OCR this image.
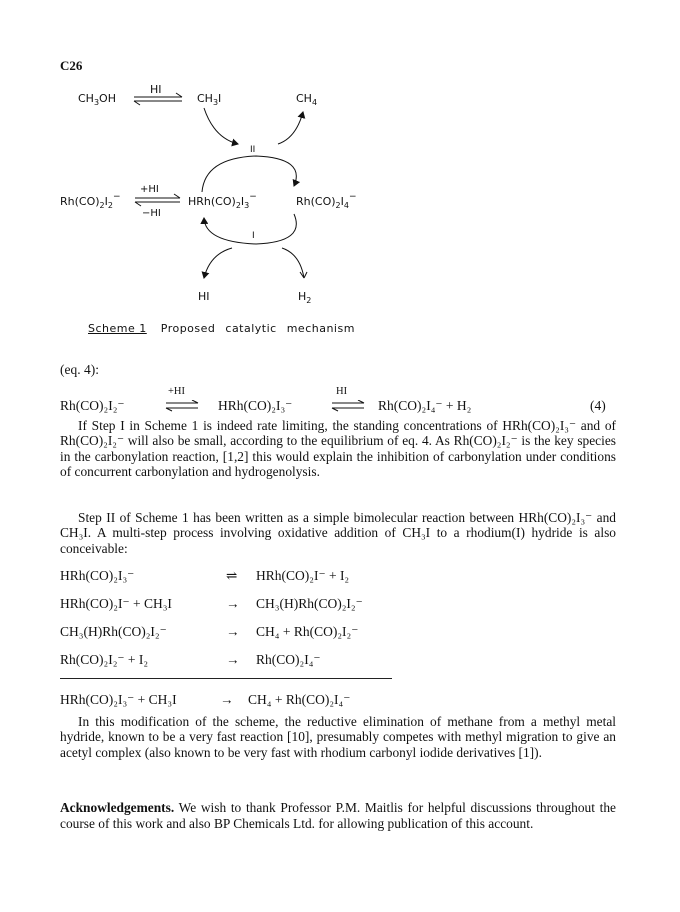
C26
$CH_3OH$
HI
$CH_3I$	$CH_4$
II
$Rh(CO)_2I_2^-$
+HI
−HI
$HRh(CO)_2I_3^-$	$Rh(CO)_2I_4^-$
I
HI	$H_2$
Scheme 1 Proposed catalytic mechanism
(eq. 4):
Rh(CO)₂I₂⁻
+HI
HRh(CO)₂I₃⁻
HI
Rh(CO)₂I₄⁻ + H₂	(4)
If Step I in Scheme 1 is indeed rate limiting, the standing concentrations of HRh(CO)₂I₃⁻ and of Rh(CO)₂I₂⁻ will also be small, according to the equilibrium of eq. 4. As Rh(CO)₂I₂⁻ is the key species in the carbonylation reaction, [1,2] this would explain the inhibition of carbonylation under conditions of concurrent carbonylation and hydrogenolysis.
Step II of Scheme 1 has been written as a simple bimolecular reaction between HRh(CO)₂I₃⁻ and CH₃I. A multi-step process involving oxidative addition of CH₃I to a rhodium(I) hydride is also conceivable:
HRh(CO)₂I₃⁻	⇌ HRh(CO)₂I⁻ + I₂
HRh(CO)₂I⁻ + CH₃I	→ CH₃(H)Rh(CO)₂I₂⁻
CH₃(H)Rh(CO)₂I₂⁻	→ CH₄ + Rh(CO)₂I₂⁻
Rh(CO)₂I₂⁻ + I₂	→ Rh(CO)₂I₄⁻
HRh(CO)₂I₃⁻ + CH₃I	→ CH₄ + Rh(CO)₂I₄⁻
In this modification of the scheme, the reductive elimination of methane from a methyl metal hydride, known to be a very fast reaction [10], presumably competes with methyl migration to give an acetyl complex (also known to be very fast with rhodium carbonyl iodide derivatives [1]).
Acknowledgements. We wish to thank Professor P.M. Maitlis for helpful discussions throughout the course of this work and also BP Chemicals Ltd. for allowing publication of this account.
